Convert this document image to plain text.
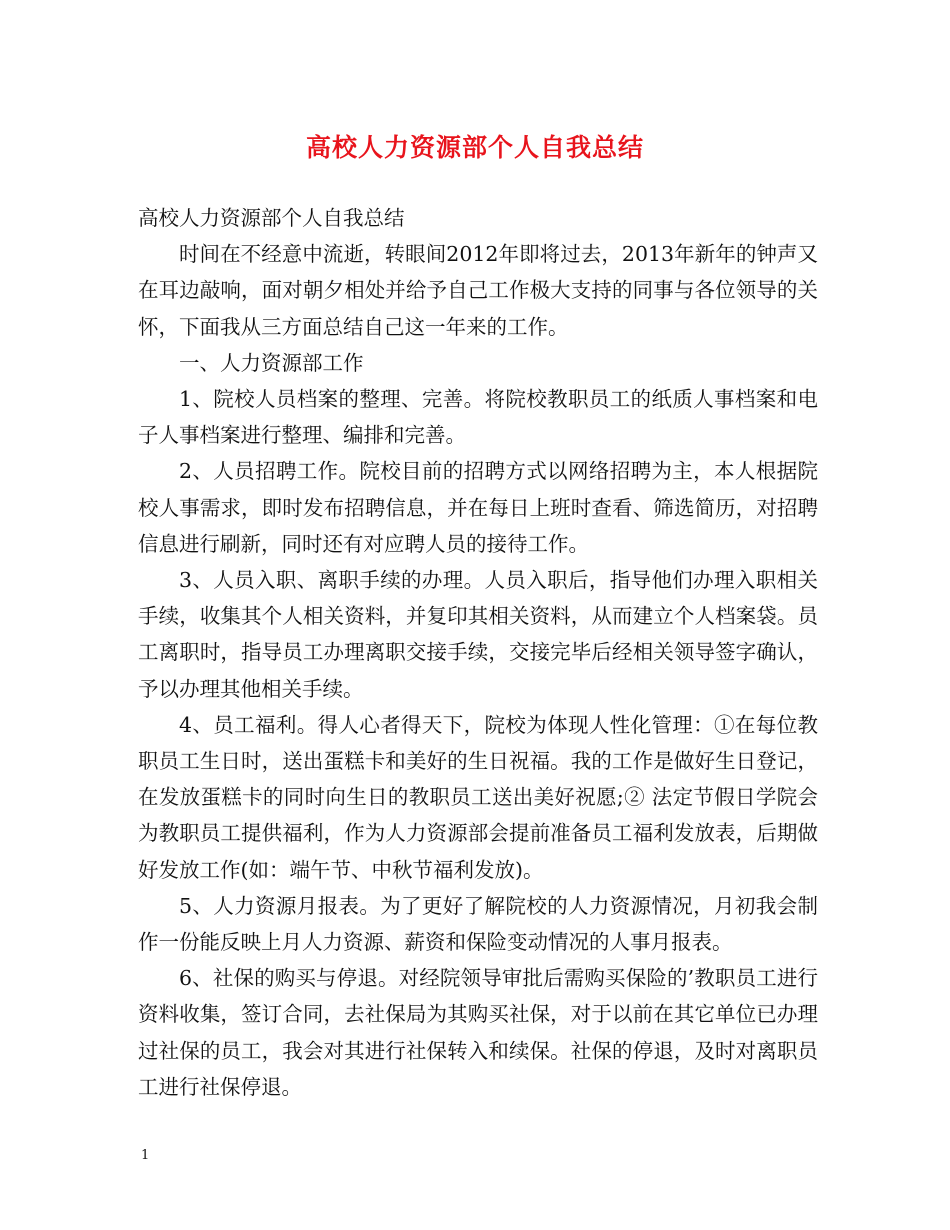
高校人力资源部个人自我总结

高校人力资源部个人自我总结

时间在不经意中流逝，转眼间2012年即将过去，2013年新年的钟声又在耳边敲响，面对朝夕相处并给予自己工作极大支持的同事与各位领导的关怀，下面我从三方面总结自己这一年来的工作。

一、人力资源部工作

1、院校人员档案的整理、完善。将院校教职员工的纸质人事档案和电子人事档案进行整理、编排和完善。

2、人员招聘工作。院校目前的招聘方式以网络招聘为主，本人根据院校人事需求，即时发布招聘信息，并在每日上班时查看、筛选简历，对招聘信息进行刷新，同时还有对应聘人员的接待工作。

3、人员入职、离职手续的办理。人员入职后，指导他们办理入职相关手续，收集其个人相关资料，并复印其相关资料，从而建立个人档案袋。员工离职时，指导员工办理离职交接手续，交接完毕后经相关领导签字确认，予以办理其他相关手续。

4、员工福利。得人心者得天下，院校为体现人性化管理：①在每位教职员工生日时，送出蛋糕卡和美好的生日祝福。我的工作是做好生日登记，在发放蛋糕卡的同时向生日的教职员工送出美好祝愿;② 法定节假日学院会为教职员工提供福利，作为人力资源部会提前准备员工福利发放表，后期做好发放工作(如：端午节、中秋节福利发放)。

5、人力资源月报表。为了更好了解院校的人力资源情况，月初我会制作一份能反映上月人力资源、薪资和保险变动情况的人事月报表。

6、社保的购买与停退。对经院领导审批后需购买保险的’教职员工进行资料收集，签订合同，去社保局为其购买社保，对于以前在其它单位已办理过社保的员工，我会对其进行社保转入和续保。社保的停退，及时对离职员工进行社保停退。

1
